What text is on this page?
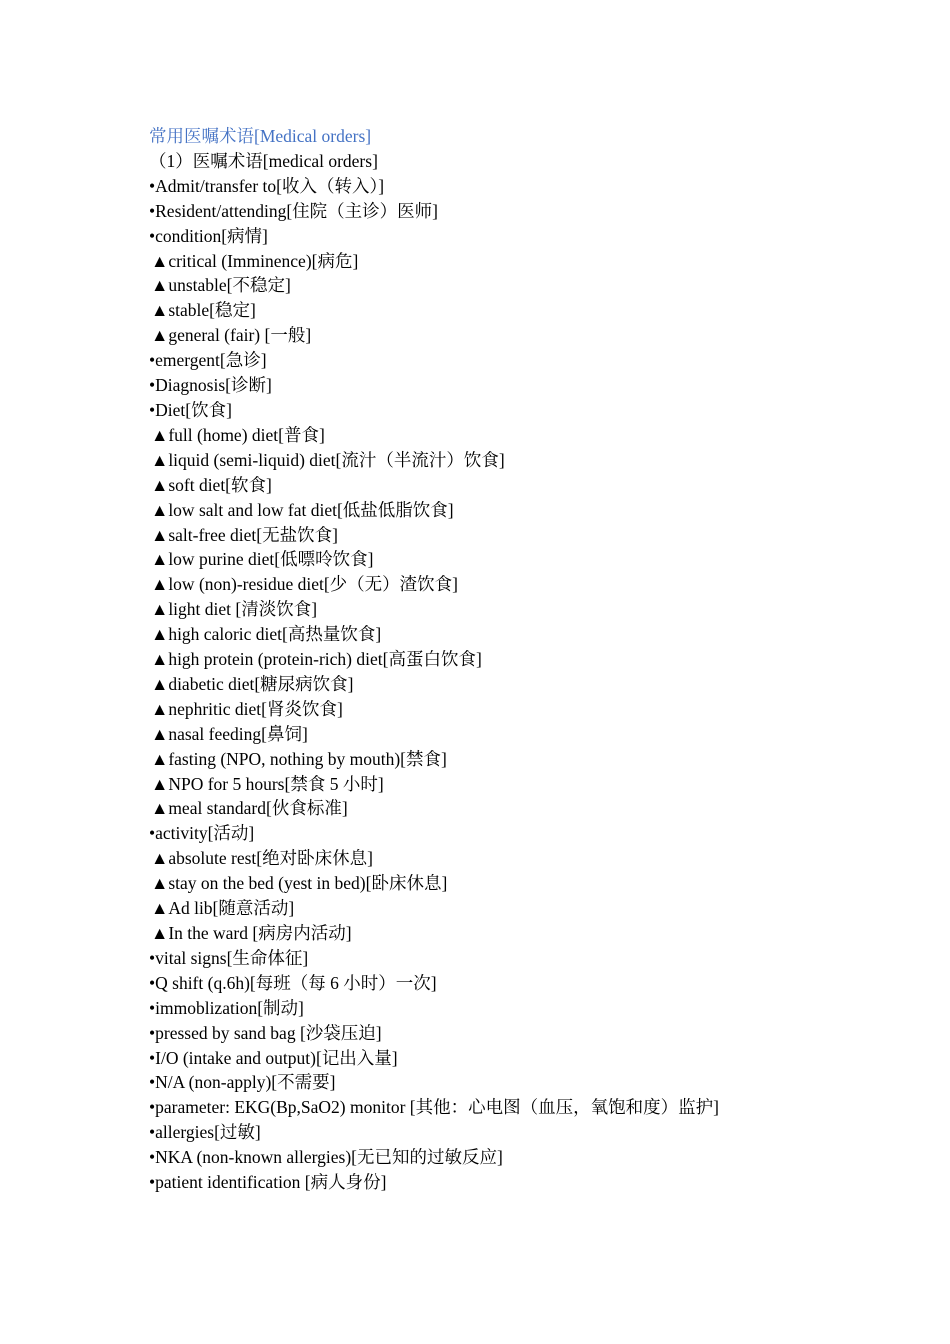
常用医嘱术语[Medical orders]
（1）医嘱术语[medical orders]
•Admit/transfer to[收入（转入）]
•Resident/attending[住院（主诊）医师]
•condition[病情]
▲critical (Imminence)[病危]
▲unstable[不稳定]
▲stable[稳定]
▲general (fair) [一般]
•emergent[急诊]
•Diagnosis[诊断]
•Diet[饮食]
▲full (home) diet[普食]
▲liquid (semi-liquid) diet[流汁（半流汁）饮食]
▲soft diet[软食]
▲low salt and low fat diet[低盐低脂饮食]
▲salt-free diet[无盐饮食]
▲low purine diet[低嘌呤饮食]
▲low (non)-residue diet[少（无）渣饮食]
▲light diet [清淡饮食]
▲high caloric diet[高热量饮食]
▲high protein (protein-rich) diet[高蛋白饮食]
▲diabetic diet[糖尿病饮食]
▲nephritic diet[肾炎饮食]
▲nasal feeding[鼻饲]
▲fasting (NPO, nothing by mouth)[禁食]
▲NPO for 5 hours[禁食 5 小时]
▲meal standard[伙食标准]
•activity[活动]
▲absolute rest[绝对卧床休息]
▲stay on the bed (yest in bed)[卧床休息]
▲Ad lib[随意活动]
▲In the ward [病房内活动]
•vital signs[生命体征]
•Q shift (q.6h)[每班（每 6 小时）一次]
•immoblization[制动]
•pressed by sand bag [沙袋压迫]
•I/O (intake and output)[记出入量]
•N/A (non-apply)[不需要]
•parameter: EKG(Bp,SaO2) monitor [其他：心电图（血压，氧饱和度）监护]
•allergies[过敏]
•NKA (non-known allergies)[无已知的过敏反应]
•patient identification [病人身份]
